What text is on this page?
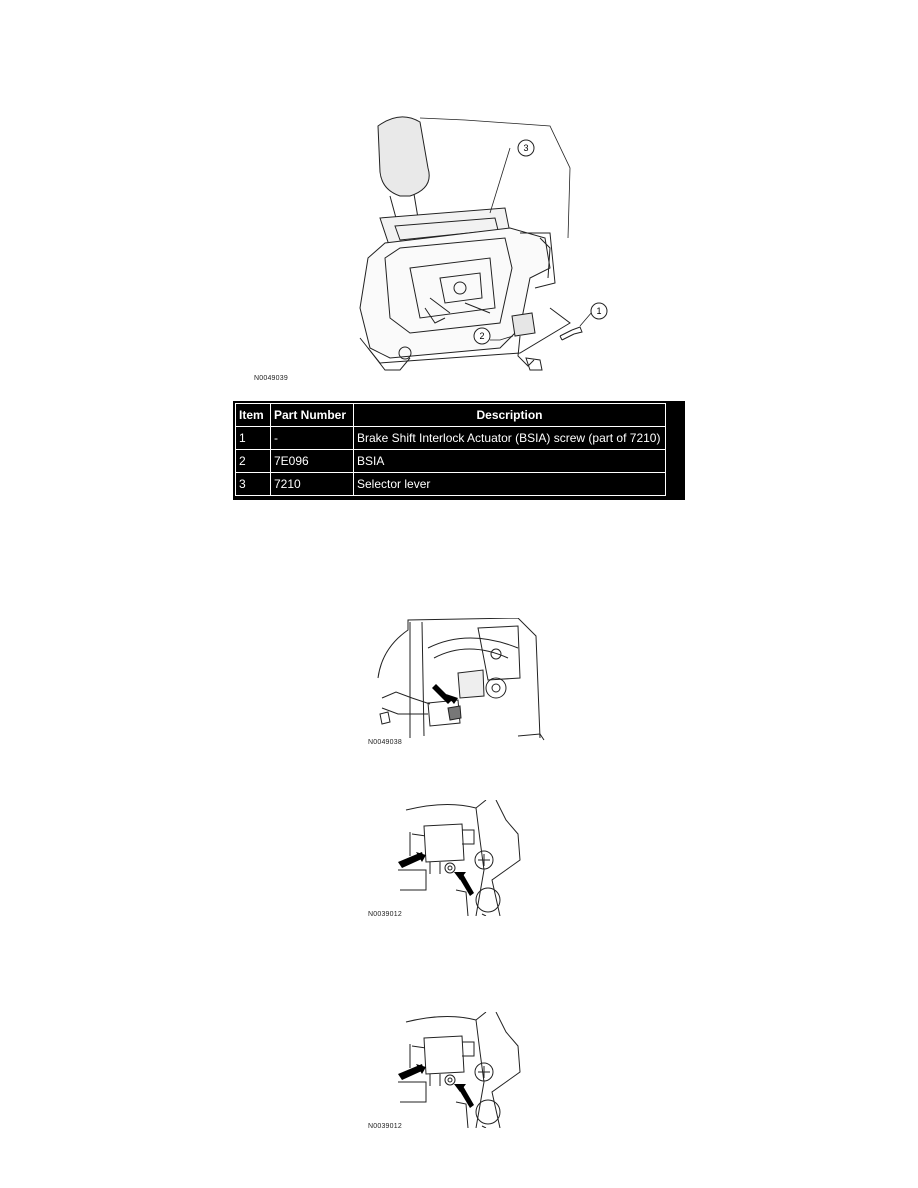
3
2
1
N0049039
Item	Part Number	Description
1	-	Brake Shift Interlock Actuator (BSIA) screw (part of 7210)
2	7E096	BSIA
3	7210	Selector lever
N0049038
N0039012
N0039012
